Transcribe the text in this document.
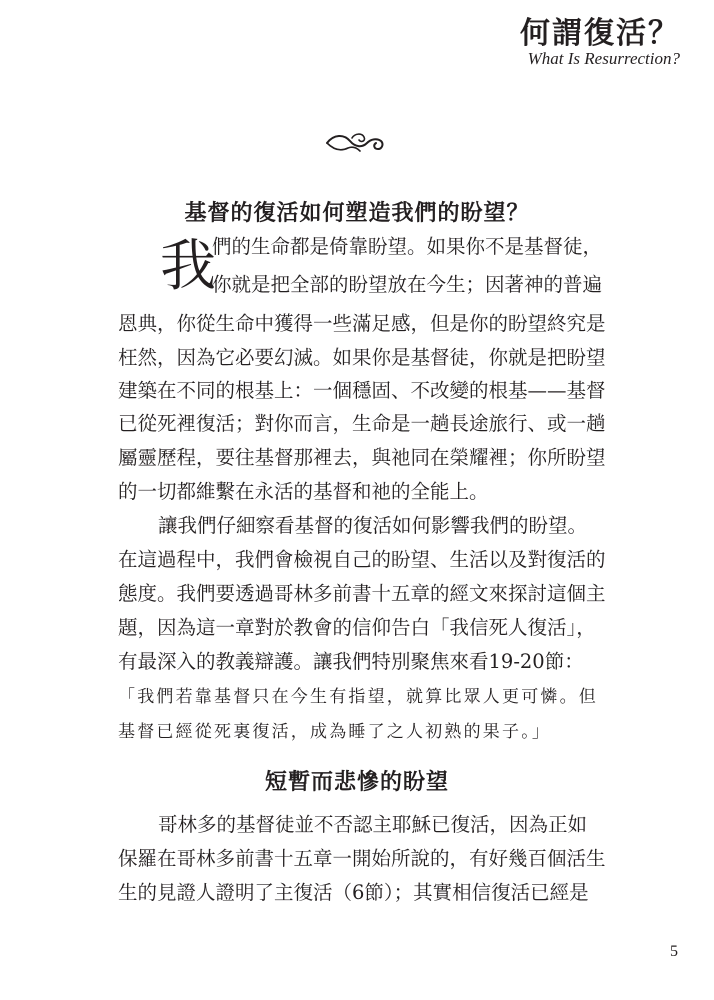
何謂復活？
What Is Resurrection?
基督的復活如何塑造我們的盼望？
我
們的生命都是倚靠盼望。如果你不是基督徒，
你就是把全部的盼望放在今生；因著神的普遍
恩典，你從生命中獲得一些滿足感，但是你的盼望終究是
枉然，因為它必要幻滅。如果你是基督徒，你就是把盼望
建築在不同的根基上：一個穩固、不改變的根基——基督
已從死裡復活；對你而言，生命是一趟長途旅行、或一趟
屬靈歷程，要往基督那裡去，與祂同在榮耀裡；你所盼望
的一切都維繫在永活的基督和祂的全能上。
讓我們仔細察看基督的復活如何影響我們的盼望。
在這過程中，我們會檢視自己的盼望、生活以及對復活的
態度。我們要透過哥林多前書十五章的經文來探討這個主
題，因為這一章對於教會的信仰告白「我信死人復活」，
有最深入的教義辯護。讓我們特別聚焦來看19-20節：
「我們若靠基督只在今生有指望，就算比眾人更可憐。但
基督已經從死裏復活，成為睡了之人初熟的果子。」
短暫而悲慘的盼望
哥林多的基督徒並不否認主耶穌已復活，因為正如
保羅在哥林多前書十五章一開始所說的，有好幾百個活生
生的見證人證明了主復活（6節）；其實相信復活已經是
5
